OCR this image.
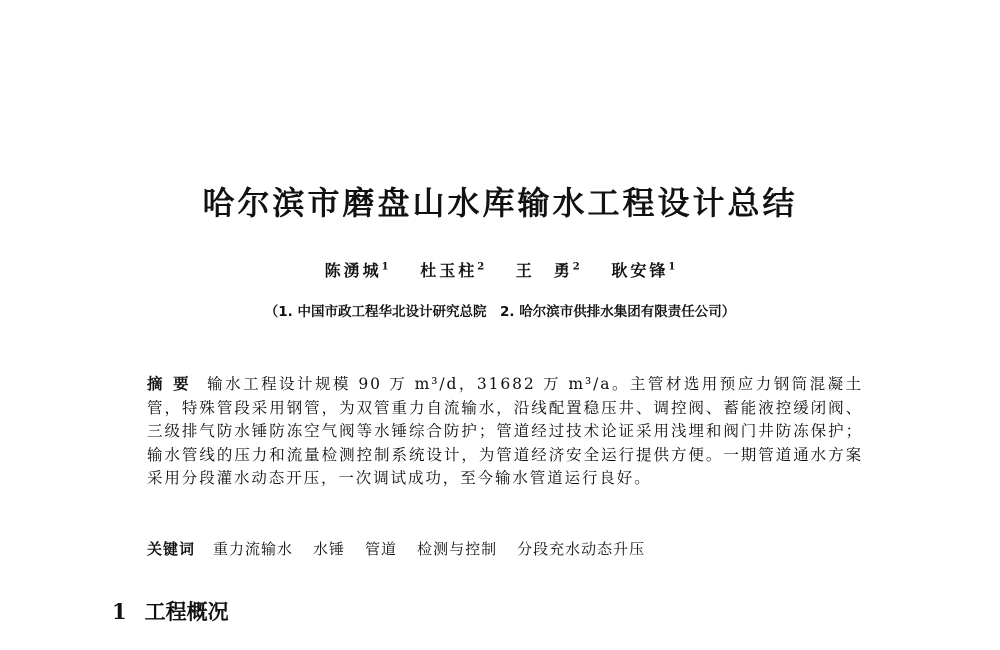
哈尔滨市磨盘山水库输水工程设计总结
陈湧城$^1$ 杜玉柱$^2$ 王　勇$^2$ 耿安锋$^1$
（1. 中国市政工程华北设计研究总院　2. 哈尔滨市供排水集团有限责任公司）

摘要 输水工程设计规模 90 万 m³/d，31682 万 m³/a。主管材选用预应力钢筒混凝土管，特殊管段采用钢管，为双管重力自流输水，沿线配置稳压井、调控阀、蓄能液控缓闭阀、三级排气防水锤防冻空气阀等水锤综合防护；管道经过技术论证采用浅埋和阀门井防冻保护；输水管线的压力和流量检测控制系统设计，为管道经济安全运行提供方便。一期管道通水方案采用分段灌水动态开压，一次调试成功，至今输水管道运行良好。

关键词 重力流输水 水锤 管道 检测与控制 分段充水动态升压

1 工程概况
